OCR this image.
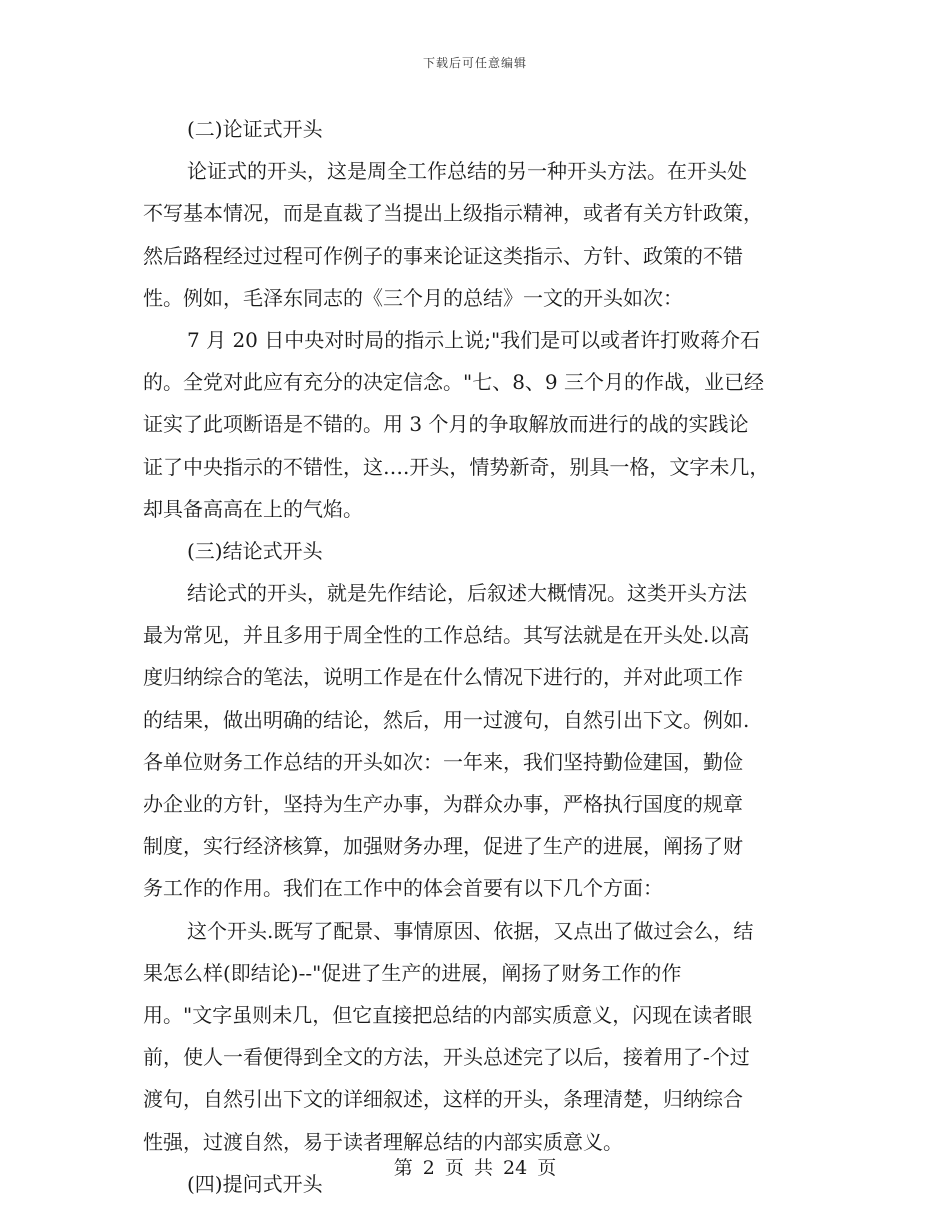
下载后可任意编辑
(二)论证式开头
论证式的开头，这是周全工作总结的另一种开头方法。在开头处
不写基本情况，而是直裁了当提出上级指示精神，或者有关方针政策，
然后路程经过过程可作例子的事来论证这类指示、方针、政策的不错
性。例如，毛泽东同志的《三个月的总结》一文的开头如次：
7 月 20 日中央对时局的指示上说;"我们是可以或者许打败蒋介石
的。全党对此应有充分的决定信念。"七、8、9 三个月的作战，业已经
证实了此项断语是不错的。用 3 个月的争取解放而进行的战的实践论
证了中央指示的不错性，这….开头，情势新奇，别具一格，文字未几，
却具备高高在上的气焰。
(三)结论式开头
结论式的开头，就是先作结论，后叙述大概情况。这类开头方法
最为常见，并且多用于周全性的工作总结。其写法就是在开头处.以高
度归纳综合的笔法，说明工作是在什么情况下进行的，并对此项工作
的结果，做出明确的结论，然后，用一过渡句，自然引出下文。例如.
各单位财务工作总结的开头如次：一年来，我们坚持勤俭建国，勤俭
办企业的方针，坚持为生产办事，为群众办事，严格执行国度的规章
制度，实行经济核算，加强财务办理，促进了生产的进展，阐扬了财
务工作的作用。我们在工作中的体会首要有以下几个方面：
这个开头.既写了配景、事情原因、依据，又点出了做过会么，结
果怎么样(即结论)--"促进了生产的进展，阐扬了财务工作的作
用。"文字虽则未几，但它直接把总结的内部实质意义，闪现在读者眼
前，使人一看便得到全文的方法，开头总述完了以后，接着用了-个过
渡句，自然引出下文的详细叙述，这样的开头，条理清楚，归纳综合
性强，过渡自然，易于读者理解总结的内部实质意义。
(四)提问式开头
第 2 页 共 24 页
